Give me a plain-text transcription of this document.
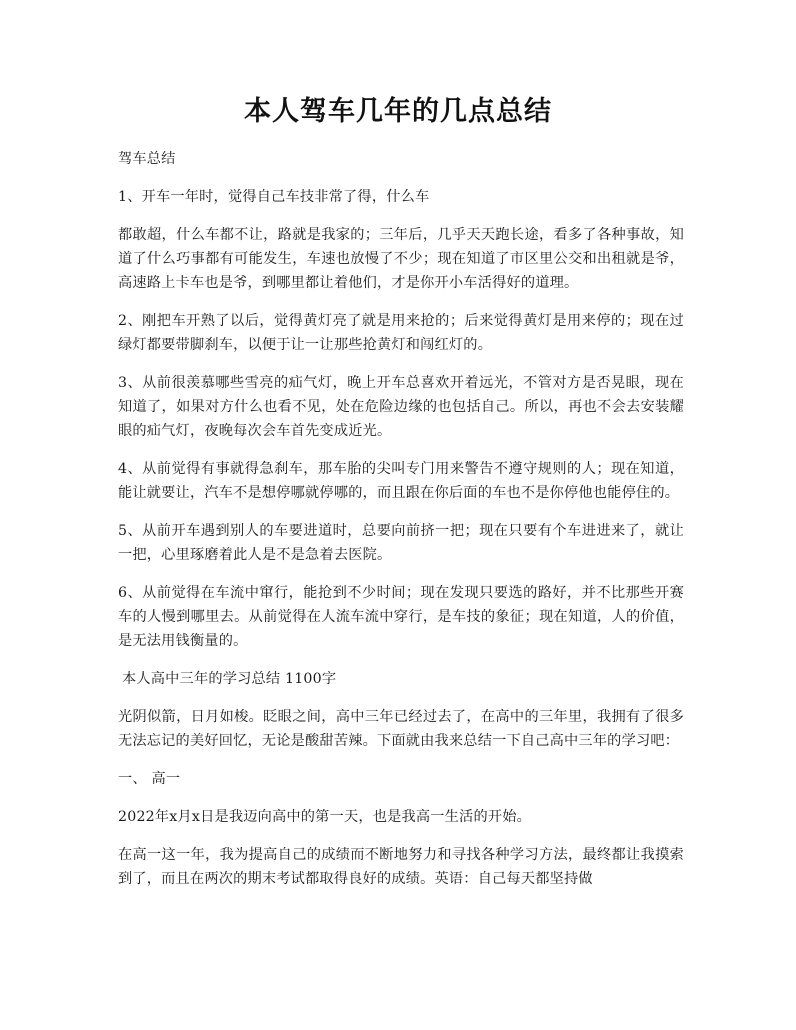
本人驾车几年的几点总结

驾车总结

1、开车一年时，觉得自己车技非常了得，什么车

都敢超，什么车都不让，路就是我家的；三年后，几乎天天跑长途，看多了各种事故，知道了什么巧事都有可能发生，车速也放慢了不少；现在知道了市区里公交和出租就是爷，高速路上卡车也是爷，到哪里都让着他们，才是你开小车活得好的道理。

2、刚把车开熟了以后，觉得黄灯亮了就是用来抢的；后来觉得黄灯是用来停的；现在过绿灯都要带脚刹车，以便于让一让那些抢黄灯和闯红灯的。

3、从前很羡慕哪些雪亮的疝气灯，晚上开车总喜欢开着远光，不管对方是否晃眼，现在知道了，如果对方什么也看不见，处在危险边缘的也包括自己。所以，再也不会去安装耀眼的疝气灯，夜晚每次会车首先变成近光。

4、从前觉得有事就得急刹车，那车胎的尖叫专门用来警告不遵守规则的人；现在知道，能让就要让，汽车不是想停哪就停哪的，而且跟在你后面的车也不是你停他也能停住的。

5、从前开车遇到别人的车要进道时，总要向前挤一把；现在只要有个车进进来了，就让一把，心里琢磨着此人是不是急着去医院。

6、从前觉得在车流中窜行，能抢到不少时间；现在发现只要选的路好，并不比那些开赛车的人慢到哪里去。从前觉得在人流车流中穿行，是车技的象征；现在知道，人的价值，是无法用钱衡量的。

本人高中三年的学习总结 1100字

光阴似箭，日月如梭。眨眼之间，高中三年已经过去了，在高中的三年里，我拥有了很多无法忘记的美好回忆，无论是酸甜苦辣。下面就由我来总结一下自己高中三年的学习吧：

一、 高一

2022年x月x日是我迈向高中的第一天，也是我高一生活的开始。

在高一这一年，我为提高自己的成绩而不断地努力和寻找各种学习方法，最终都让我摸索到了，而且在两次的期末考试都取得良好的成绩。英语：自己每天都坚持做
